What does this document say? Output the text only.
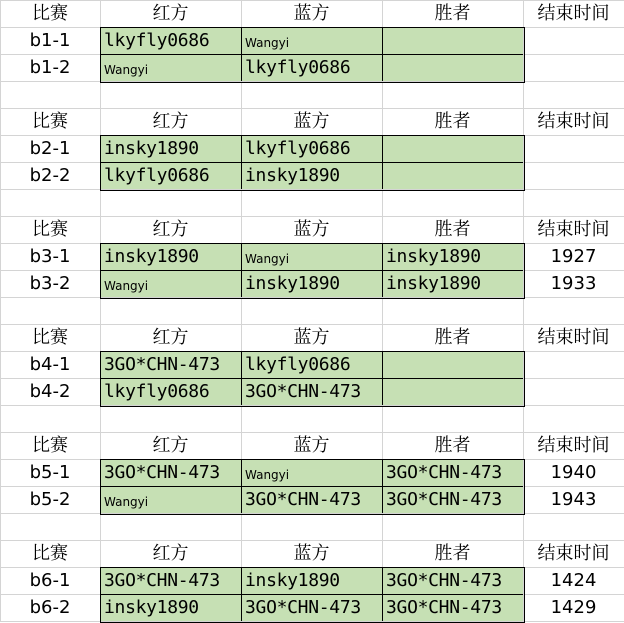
比赛	红方	蓝方	胜者	结束时间
b1-1	lkyfly0686	Wangyi
b1-2	Wangyi	lkyfly0686
比赛	红方	蓝方	胜者	结束时间
b2-1	insky1890	lkyfly0686
b2-2	lkyfly0686	insky1890
比赛	红方	蓝方	胜者	结束时间
b3-1	insky1890	Wangyi	insky1890	1927
b3-2	Wangyi	insky1890	insky1890	1933
比赛	红方	蓝方	胜者	结束时间
b4-1	3GO*CHN-473	lkyfly0686
b4-2	lkyfly0686	3GO*CHN-473
比赛	红方	蓝方	胜者	结束时间
b5-1	3GO*CHN-473	Wangyi	3GO*CHN-473	1940
b5-2	Wangyi	3GO*CHN-473	3GO*CHN-473	1943
比赛	红方	蓝方	胜者	结束时间
b6-1	3GO*CHN-473	insky1890	3GO*CHN-473	1424
b6-2	insky1890	3GO*CHN-473	3GO*CHN-473	1429
